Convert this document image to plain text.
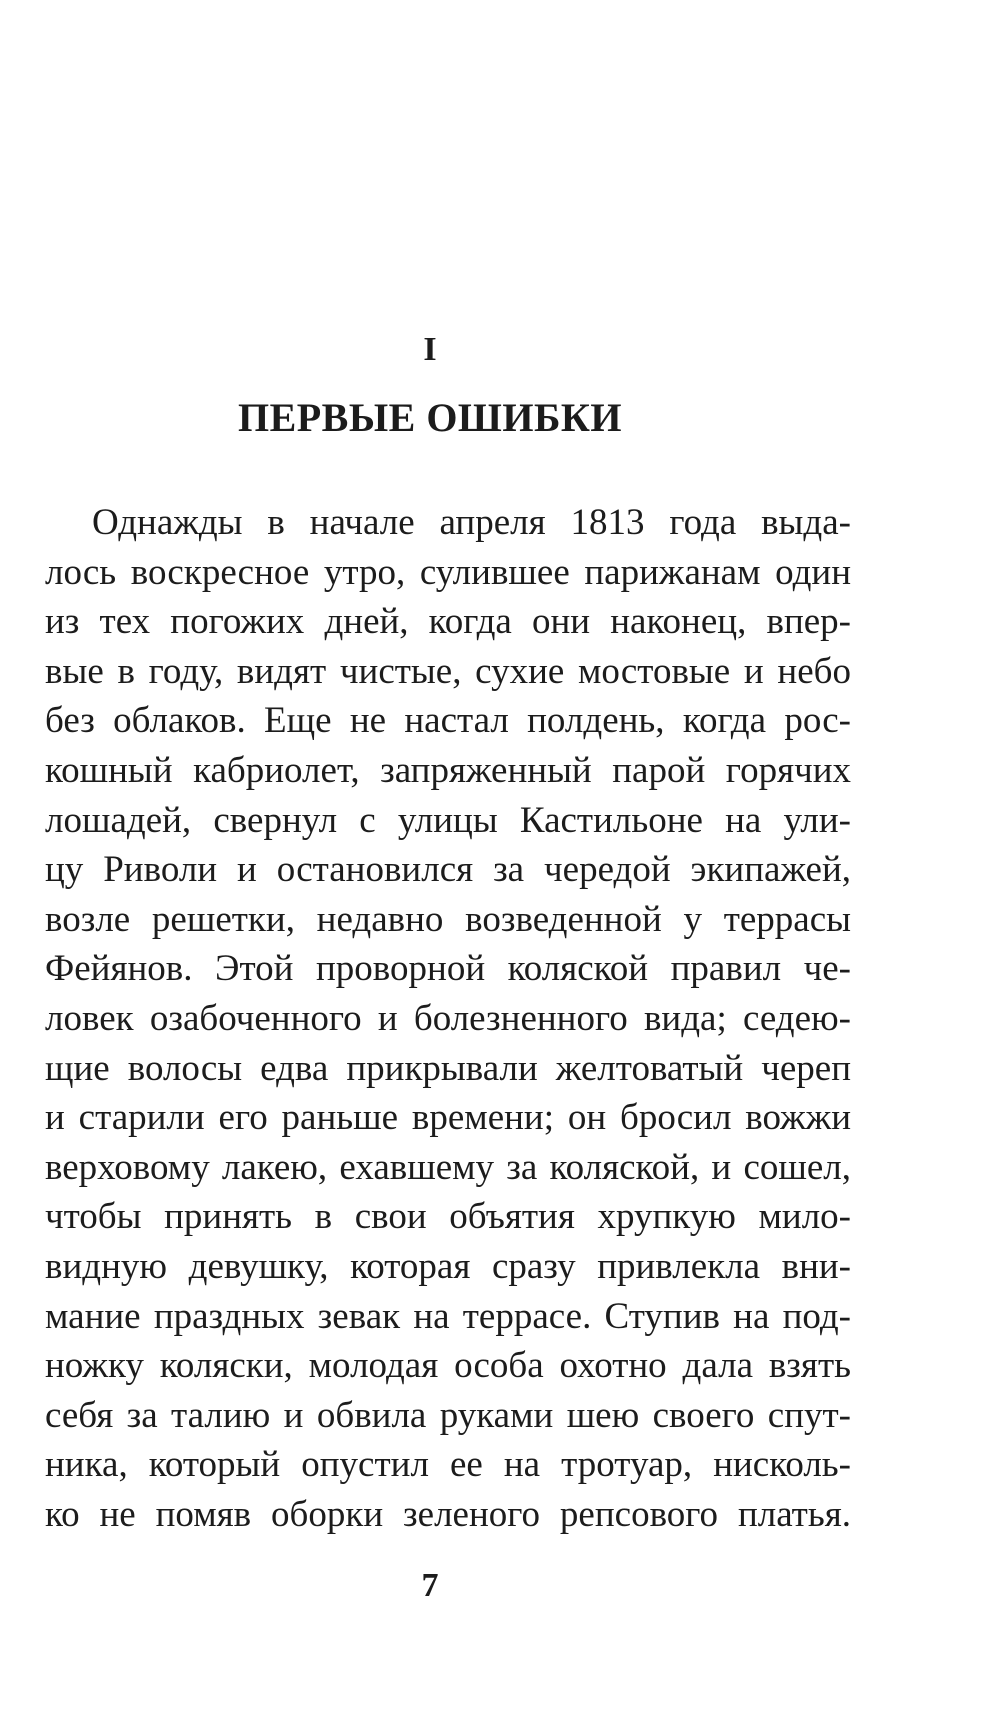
I
ПЕРВЫЕ ОШИБКИ
Однажды в начале апреля 1813 года выда-
лось воскресное утро, сулившее парижанам один
из тех погожих дней, когда они наконец, впер-
вые в году, видят чистые, сухие мостовые и небо
без облаков. Еще не настал полдень, когда рос-
кошный кабриолет, запряженный парой горячих
лошадей, свернул с улицы Кастильоне на ули-
цу Риволи и остановился за чередой экипажей,
возле решетки, недавно возведенной у террасы
Фейянов. Этой проворной коляской правил че-
ловек озабоченного и болезненного вида; седею-
щие волосы едва прикрывали желтоватый череп
и старили его раньше времени; он бросил вожжи
верховому лакею, ехавшему за коляской, и сошел,
чтобы принять в свои объятия хрупкую мило-
видную девушку, которая сразу привлекла вни-
мание праздных зевак на террасе. Ступив на под-
ножку коляски, молодая особа охотно дала взять
себя за талию и обвила руками шею своего спут-
ника, который опустил ее на тротуар, нисколь-
ко не помяв оборки зеленого репсового платья.
7
